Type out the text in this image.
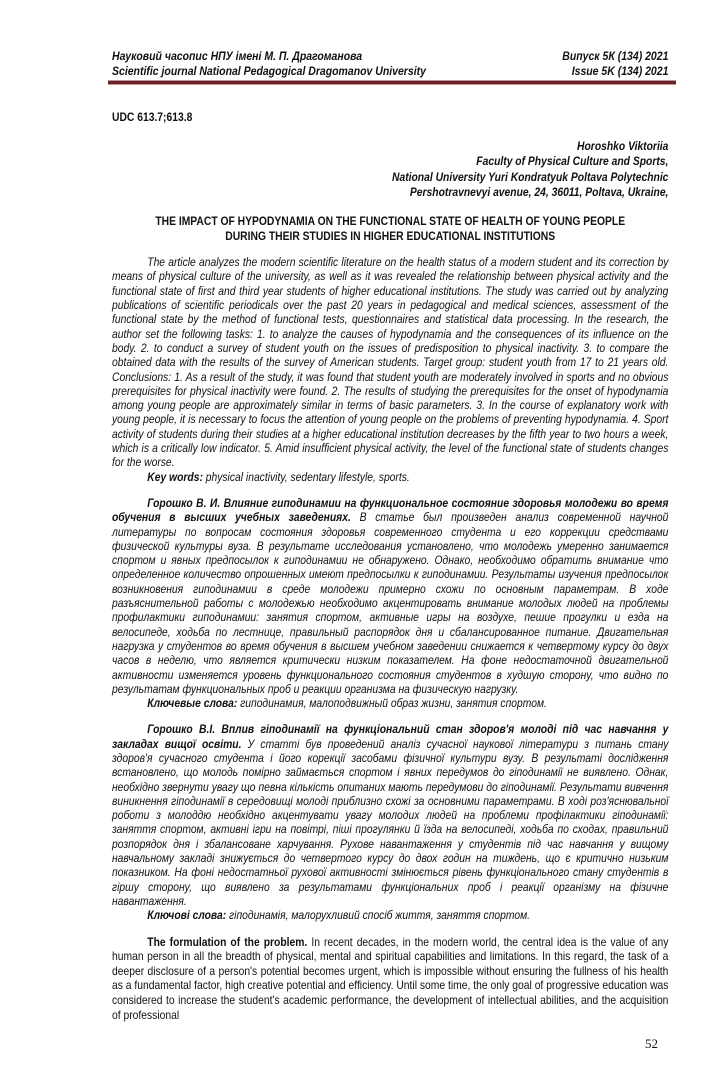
Науковий часопис НПУ імені М. П. Драгоманова	Випуск 5К (134) 2021
Scientific journal National Pedagogical Dragomanov University	Issue 5K (134) 2021
UDC 613.7;613.8
Horoshko Viktoriia
Faculty of Physical Culture and Sports,
National University Yuri Kondratyuk Poltava Polytechnic
Pershotravnevyi avenue, 24, 36011, Poltava, Ukraine,
THE IMPACT OF HYPODYNAMIA ON THE FUNCTIONAL STATE OF HEALTH OF YOUNG PEOPLE DURING THEIR STUDIES IN HIGHER EDUCATIONAL INSTITUTIONS
The article analyzes the modern scientific literature on the health status of a modern student and its correction by means of physical culture of the university, as well as it was revealed the relationship between physical activity and the functional state of first and third year students of higher educational institutions. The study was carried out by analyzing publications of scientific periodicals over the past 20 years in pedagogical and medical sciences, assessment of the functional state by the method of functional tests, questionnaires and statistical data processing. In the research, the author set the following tasks: 1. to analyze the causes of hypodynamia and the consequences of its influence on the body. 2. to conduct a survey of student youth on the issues of predisposition to physical inactivity. 3. to compare the obtained data with the results of the survey of American students. Target group: student youth from 17 to 21 years old. Conclusions: 1. As a result of the study, it was found that student youth are moderately involved in sports and no obvious prerequisites for physical inactivity were found. 2. The results of studying the prerequisites for the onset of hypodynamia among young people are approximately similar in terms of basic parameters. 3. In the course of explanatory work with young people, it is necessary to focus the attention of young people on the problems of preventing hypodynamia. 4. Sport activity of students during their studies at a higher educational institution decreases by the fifth year to two hours a week, which is a critically low indicator. 5. Amid insufficient physical activity, the level of the functional state of students changes for the worse.
Key words: physical inactivity, sedentary lifestyle, sports.
Горошко В. И. Влияние гиподинамии на функциональное состояние здоровья молодежи во время обучения в высших учебных заведениях. В статье был произведен анализ современной научной литературы по вопросам состояния здоровья современного студента и его коррекции средствами физической культуры вуза. В результате исследования установлено, что молодежь умеренно занимается спортом и явных предпосылок к гиподинамии не обнаружено. Однако, необходимо обратить внимание что определенное количество опрошенных имеют предпосылки к гиподинамии. Результаты изучения предпосылок возникновения гиподинамии в среде молодежи примерно схожи по основным параметрам. В ходе разъяснительной работы с молодежью необходимо акцентировать внимание молодых людей на проблемы профилактики гиподинамии: занятия спортом, активные игры на воздухе, пешие прогулки и езда на велосипеде, ходьба по лестнице, правильный распорядок дня и сбалансированное питание. Двигательная нагрузка у студентов во время обучения в высшем учебном заведении снижается к четвертому курсу до двух часов в неделю, что является критически низким показателем. На фоне недостаточной двигательной активности изменяется уровень функционального состояния студентов в худшую сторону, что видно по результатам функциональных проб и реакции организма на физическую нагрузку.
Ключевые слова: гиподинамия, малоподвижный образ жизни, занятия спортом.
Горошко В.І. Вплив гіподинамії на функціональний стан здоров'я молоді під час навчання у закладах вищої освіти. У статті був проведений аналіз сучасної наукової літератури з питань стану здоров'я сучасного студента і його корекції засобами фізичної культури вузу. В результаті дослідження встановлено, що молодь помірно займається спортом і явних передумов до гіподинамії не виявлено. Однак, необхідно звернути увагу що певна кількість опитаних мають передумови до гіподинамії. Результати вивчення виникнення гіподинамії в середовищі молоді приблизно схожі за основними параметрами. В ході роз'яснювальної роботи з молоддю необхідно акцентувати увагу молодих людей на проблеми профілактики гіподинамії: заняття спортом, активні ігри на повітрі, піші прогулянки й їзда на велосипеді, ходьба по сходах, правильний розпорядок дня і збалансоване харчування. Рухове навантаження у студентів під час навчання у вищому навчальному закладі знижується до четвертого курсу до двох годин на тиждень, що є критично низьким показником. На фоні недостатньої рухової активності змінюється рівень функціонального стану студентів в гіршу сторону, що виявлено за результатами функціональних проб і реакції організму на фізичне навантаження.
Ключові слова: гіподинамія, малорухливий спосіб життя, заняття спортом.
The formulation of the problem. In recent decades, in the modern world, the central idea is the value of any human person in all the breadth of physical, mental and spiritual capabilities and limitations. In this regard, the task of a deeper disclosure of a person's potential becomes urgent, which is impossible without ensuring the fullness of his health as a fundamental factor, high creative potential and efficiency. Until some time, the only goal of progressive education was considered to increase the student's academic performance, the development of intellectual abilities, and the acquisition of professional
52
